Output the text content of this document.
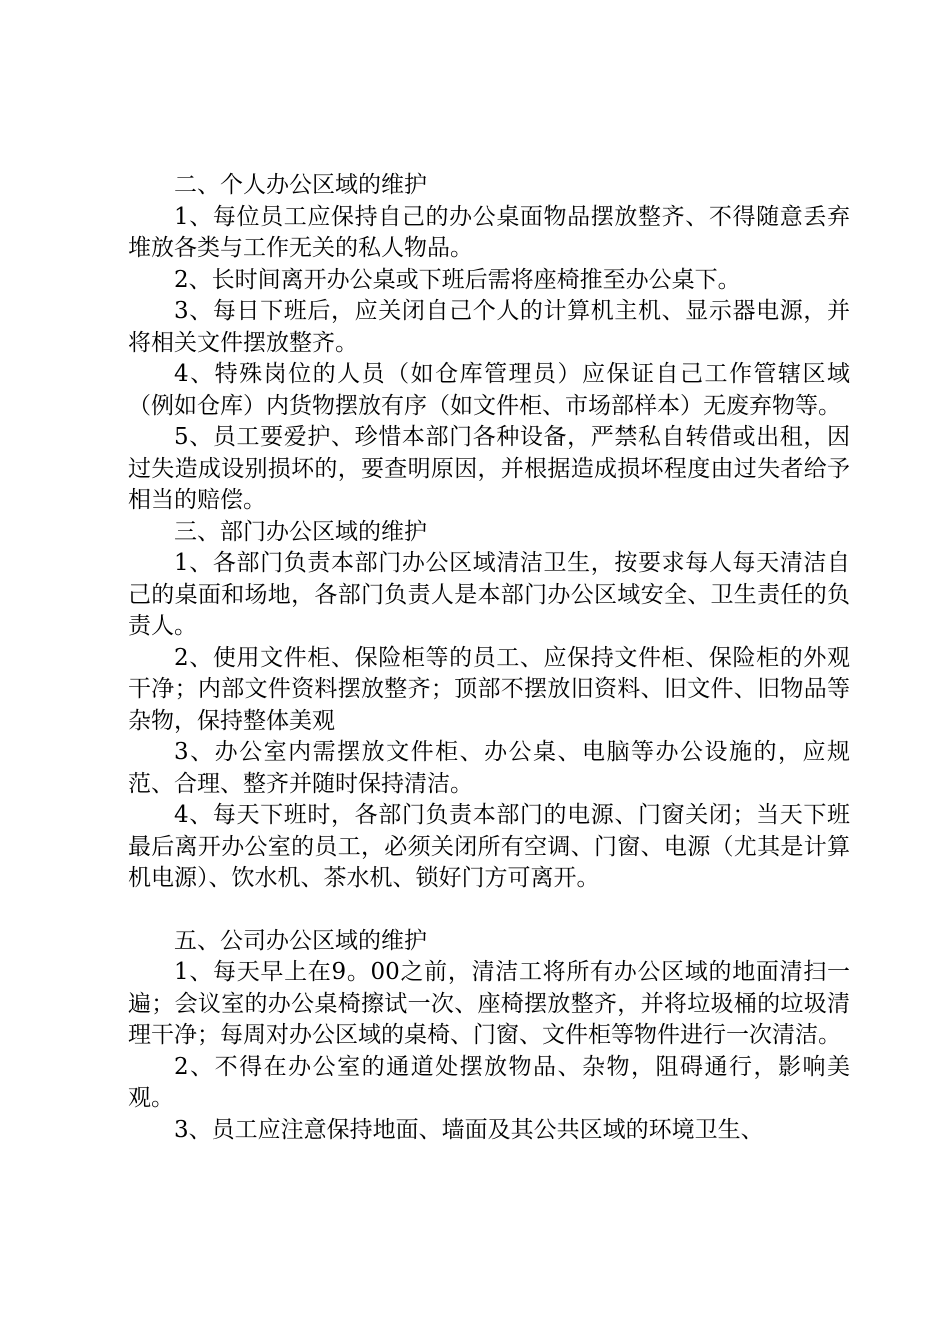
二、个人办公区域的维护

1、每位员工应保持自己的办公桌面物品摆放整齐、不得随意丢弃堆放各类与工作无关的私人物品。

2、长时间离开办公桌或下班后需将座椅推至办公桌下。

3、每日下班后，应关闭自己个人的计算机主机、显示器电源，并将相关文件摆放整齐。

4、特殊岗位的人员（如仓库管理员）应保证自己工作管辖区域（例如仓库）内货物摆放有序（如文件柜、市场部样本）无废弃物等。

5、员工要爱护、珍惜本部门各种设备，严禁私自转借或出租，因过失造成设别损坏的，要查明原因，并根据造成损坏程度由过失者给予相当的赔偿。

三、部门办公区域的维护

1、各部门负责本部门办公区域清洁卫生，按要求每人每天清洁自己的桌面和场地，各部门负责人是本部门办公区域安全、卫生责任的负责人。

2、使用文件柜、保险柜等的员工、应保持文件柜、保险柜的外观干净；内部文件资料摆放整齐；顶部不摆放旧资料、旧文件、旧物品等杂物，保持整体美观

3、办公室内需摆放文件柜、办公桌、电脑等办公设施的，应规范、合理、整齐并随时保持清洁。

4、每天下班时，各部门负责本部门的电源、门窗关闭；当天下班最后离开办公室的员工，必须关闭所有空调、门窗、电源（尤其是计算机电源）、饮水机、茶水机、锁好门方可离开。

五、公司办公区域的维护

1、每天早上在9。00之前，清洁工将所有办公区域的地面清扫一遍；会议室的办公桌椅擦试一次、座椅摆放整齐，并将垃圾桶的垃圾清理干净；每周对办公区域的桌椅、门窗、文件柜等物件进行一次清洁。

2、不得在办公室的通道处摆放物品、杂物，阻碍通行，影响美观。

3、员工应注意保持地面、墙面及其公共区域的环境卫生、
